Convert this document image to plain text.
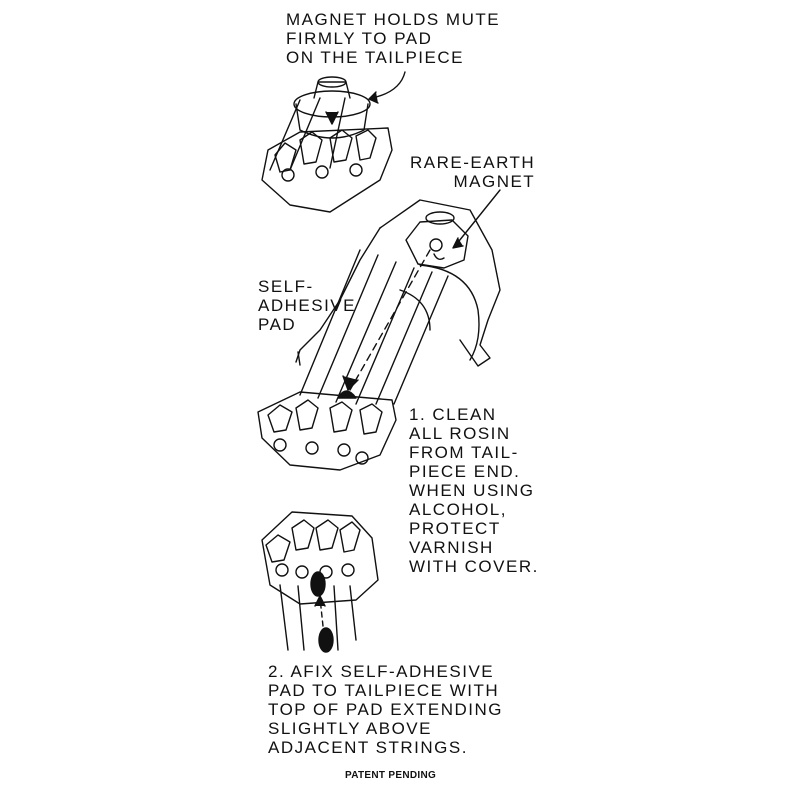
MAGNET HOLDS MUTE
FIRMLY TO PAD
ON THE TAILPIECE
RARE-EARTH
MAGNET
SELF-
ADHESIVE
PAD
1. CLEAN
ALL ROSIN
FROM TAIL-
PIECE END.
WHEN USING
ALCOHOL,
PROTECT
VARNISH
WITH COVER.
2. AFIX SELF-ADHESIVE
PAD TO TAILPIECE WITH
TOP OF PAD EXTENDING
SLIGHTLY ABOVE
ADJACENT STRINGS.
PATENT PENDING
